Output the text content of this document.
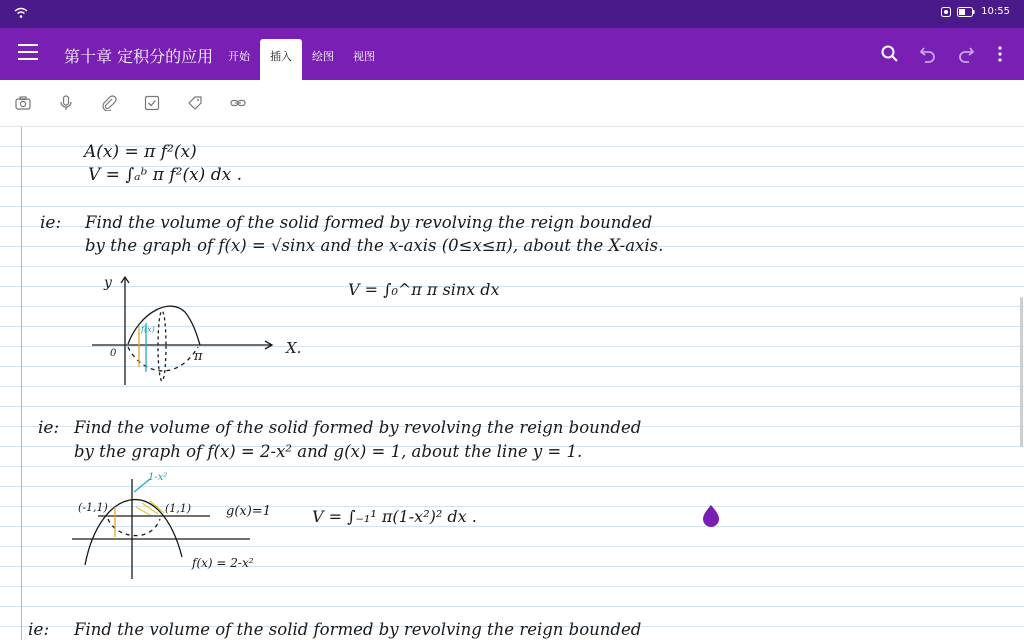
10:55
第十章 定积分的应用 开始	插入	绘图 视图
A(x) = π f²(x)
V = ∫ₐᵇ π f²(x) dx .
ie: Find the volume of the solid formed by revolving the reign bounded
by the graph of f(x) = √sinx and the x-axis (0≤x≤π), about the X-axis.
V = ∫₀^π π sinx dx
y
X.
0	π
f(x)
ie: Find the volume of the solid formed by revolving the reign bounded
by the graph of f(x) = 2-x² and g(x) = 1, about the line y = 1.
V = ∫₋₁¹ π(1-x²)² dx .
(-1,1)	(1,1)	g(x)=1
f(x) = 2-x²
1-x²
ie: Find the volume of the solid formed by revolving the reign bounded
